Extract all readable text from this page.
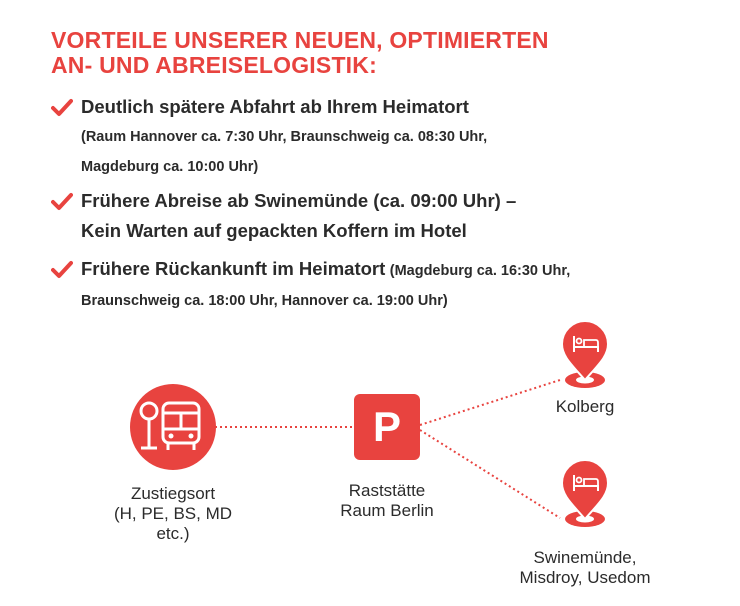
VORTEILE UNSERER NEUEN, OPTIMIERTEN
AN- UND ABREISELOGISTIK:
Deutlich spätere Abfahrt ab Ihrem Heimatort
(Raum Hannover ca. 7:30 Uhr, Braunschweig ca. 08:30 Uhr,
Magdeburg ca. 10:00 Uhr)
Frühere Abreise ab Swinemünde (ca. 09:00 Uhr) –
Kein Warten auf gepackten Koffern im Hotel
Frühere Rückankunft im Heimatort (Magdeburg ca. 16:30 Uhr,
Braunschweig ca. 18:00 Uhr, Hannover ca. 19:00 Uhr)
P
Zustiegsort
(H, PE, BS, MD
etc.)
Raststätte
Raum Berlin
Kolberg
Swinemünde,
Misdroy, Usedom
